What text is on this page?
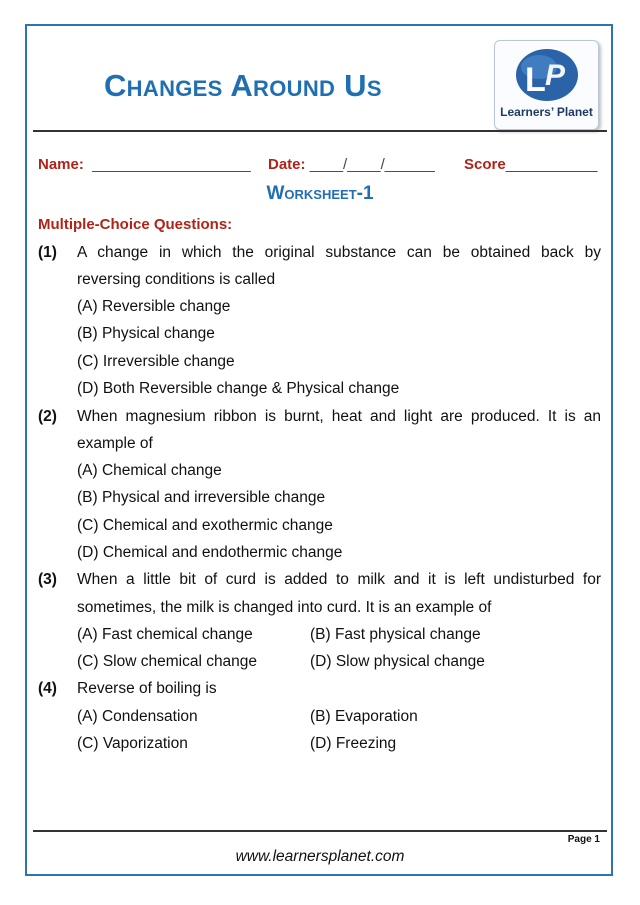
Changes Around Us	L P
Learners’ Planet
Name: ___________________ Date: ____/____/______ Score___________
Worksheet-1
Multiple-Choice Questions:
(1) A change in which the original substance can be obtained back by
reversing conditions is called
(A) Reversible change
(B) Physical change
(C) Irreversible change
(D) Both Reversible change & Physical change
(2) When magnesium ribbon is burnt, heat and light are produced. It is an
example of
(A) Chemical change
(B) Physical and irreversible change
(C) Chemical and exothermic change
(D) Chemical and endothermic change
(3) When a little bit of curd is added to milk and it is left undisturbed for
sometimes, the milk is changed into curd. It is an example of
(A) Fast chemical change	(B) Fast physical change
(C) Slow chemical change	(D) Slow physical change
(4) Reverse of boiling is
(A) Condensation	(B) Evaporation
(C) Vaporization	(D) Freezing
Page 1
www.learnersplanet.com
